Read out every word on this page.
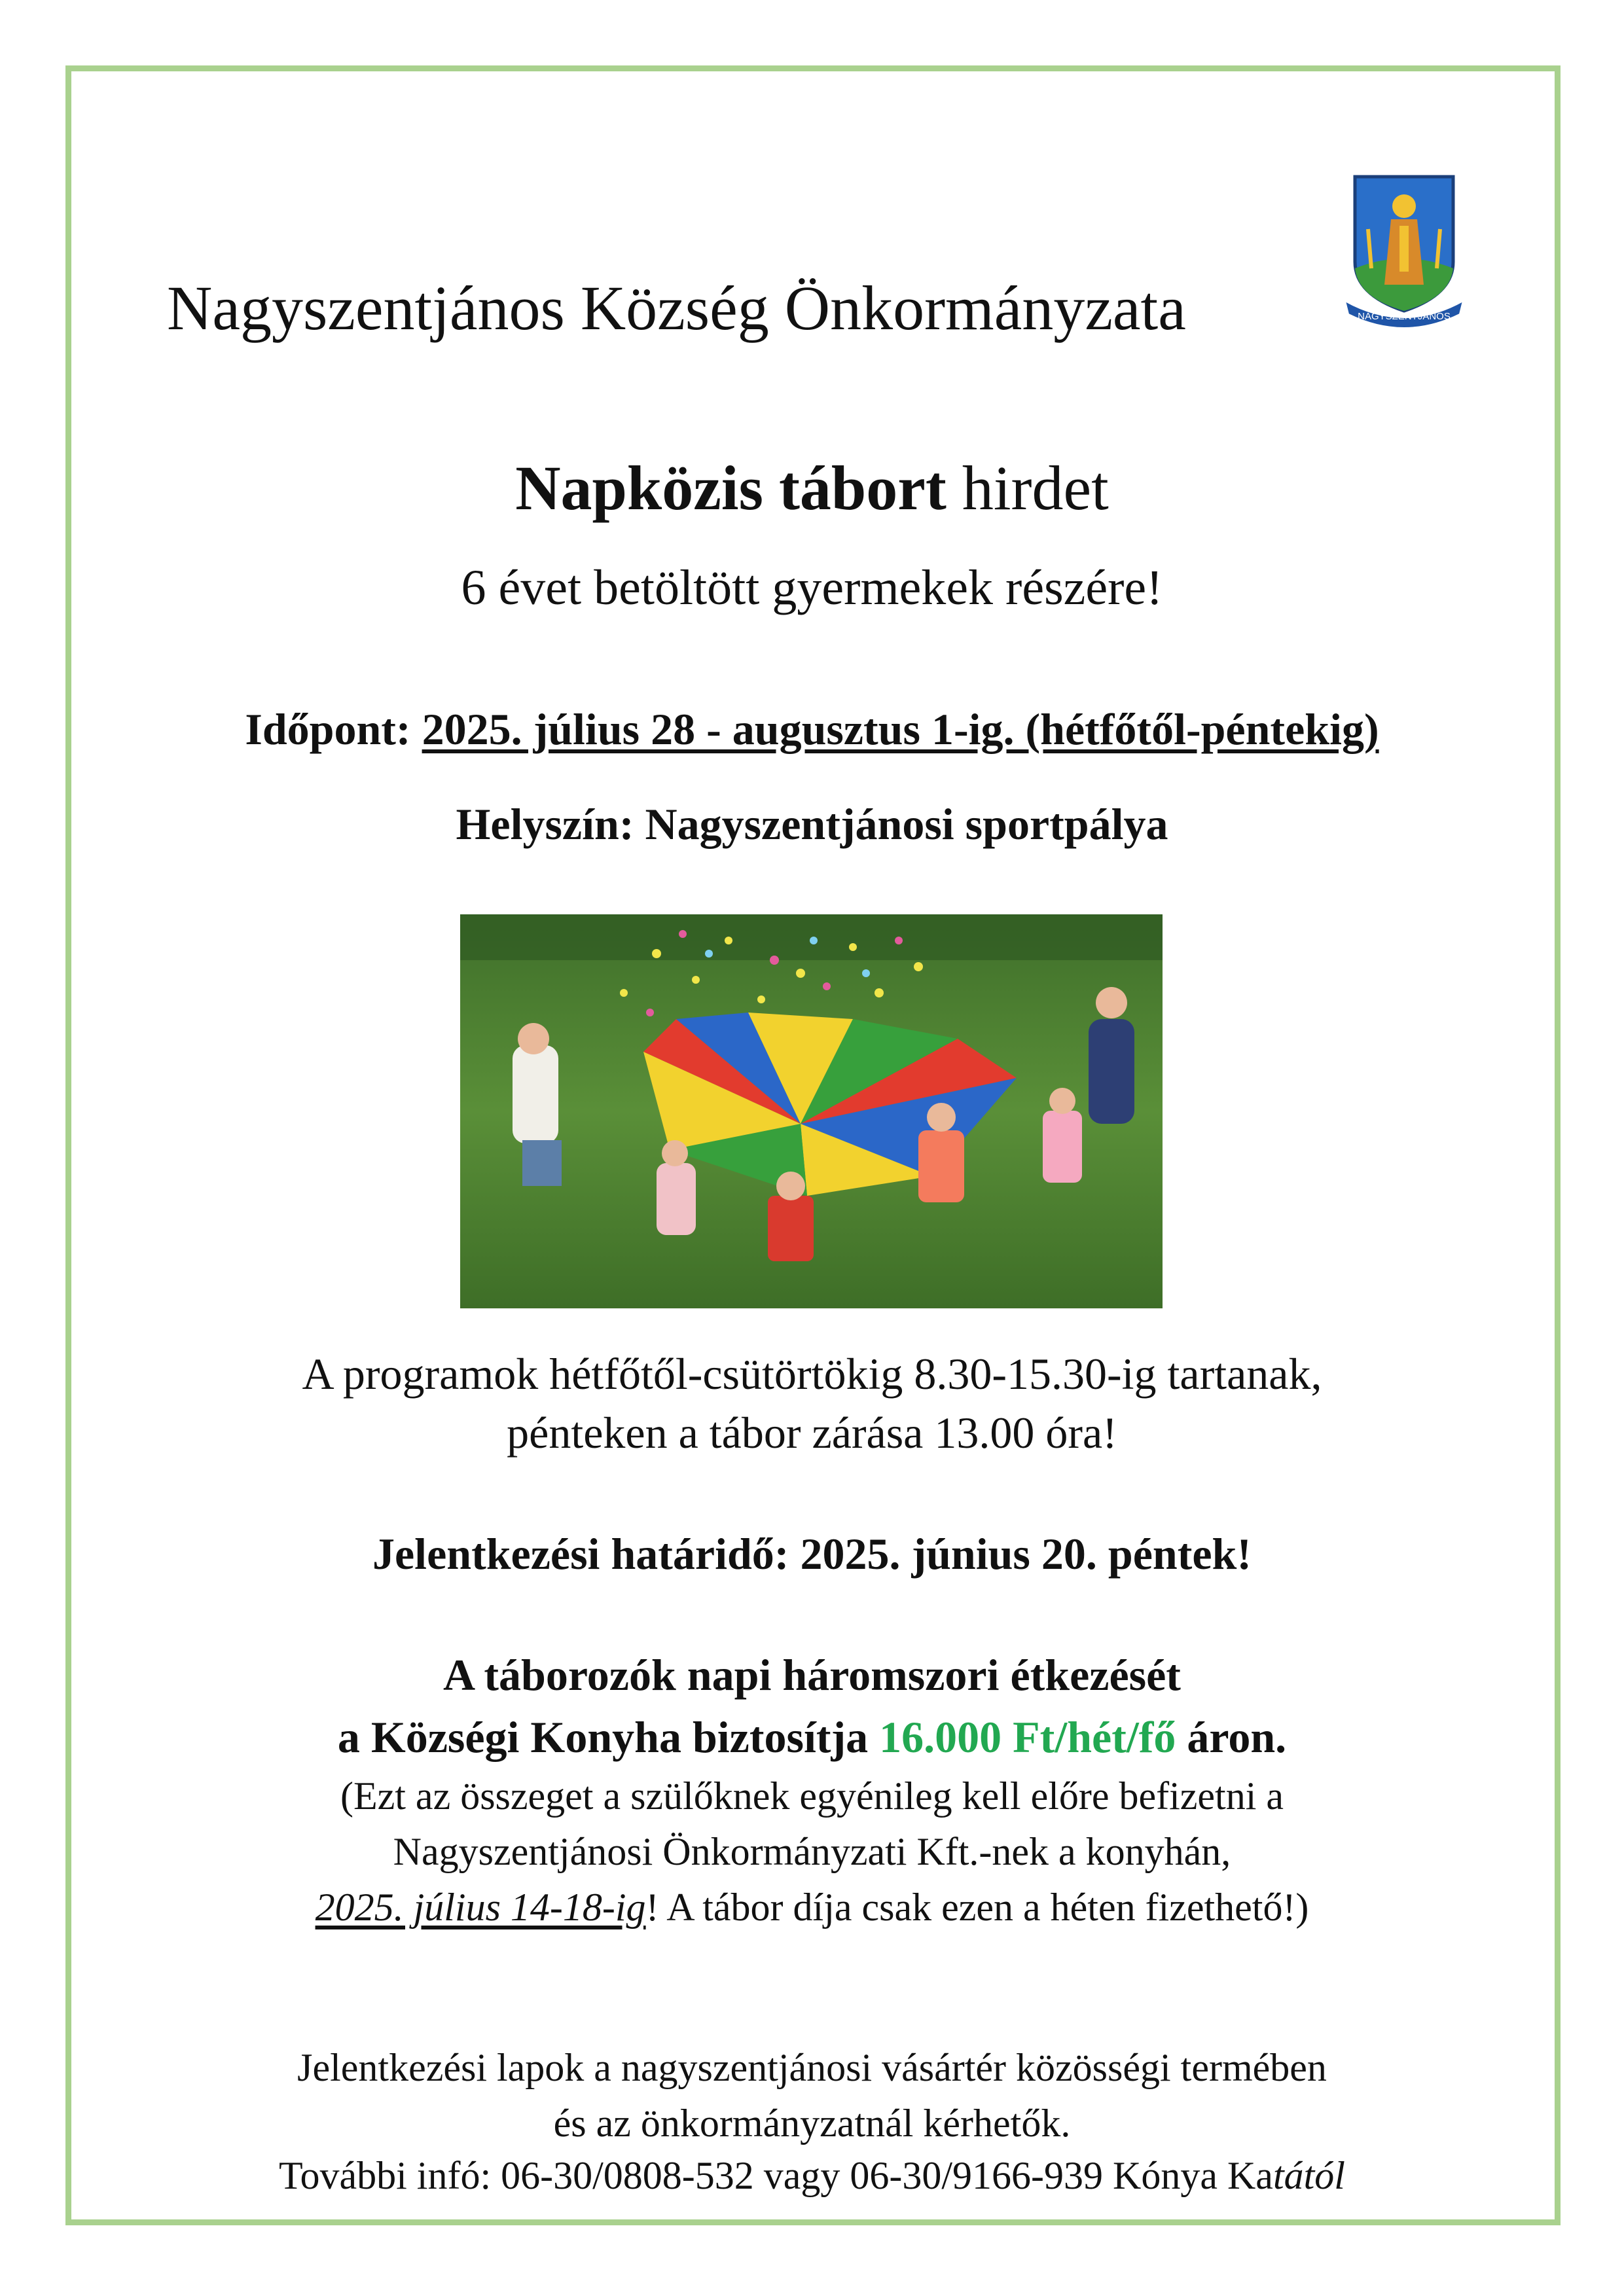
Nagyszentjános Község Önkormányzata	NAGYSZENTJÁNOS
Napközis tábort hirdet
6 évet betöltött gyermekek részére!
Időpont: 2025. július 28 - augusztus 1-ig. (hétfőtől-péntekig)
Helyszín: Nagyszentjánosi sportpálya
A programok hétfőtől-csütörtökig 8.30-15.30-ig tartanak,
pénteken a tábor zárása 13.00 óra!
Jelentkezési határidő: 2025. június 20. péntek!
A táborozók napi háromszori étkezését
a Községi Konyha biztosítja 16.000 Ft/hét/fő áron.
(Ezt az összeget a szülőknek egyénileg kell előre befizetni a
Nagyszentjánosi Önkormányzati Kft.-nek a konyhán,
2025. július 14-18-ig! A tábor díja csak ezen a héten fizethető!)
Jelentkezési lapok a nagyszentjánosi vásártér közösségi termében
és az önkormányzatnál kérhetők.
További infó: 06-30/0808-532 vagy 06-30/9166-939 Kónya Katától
